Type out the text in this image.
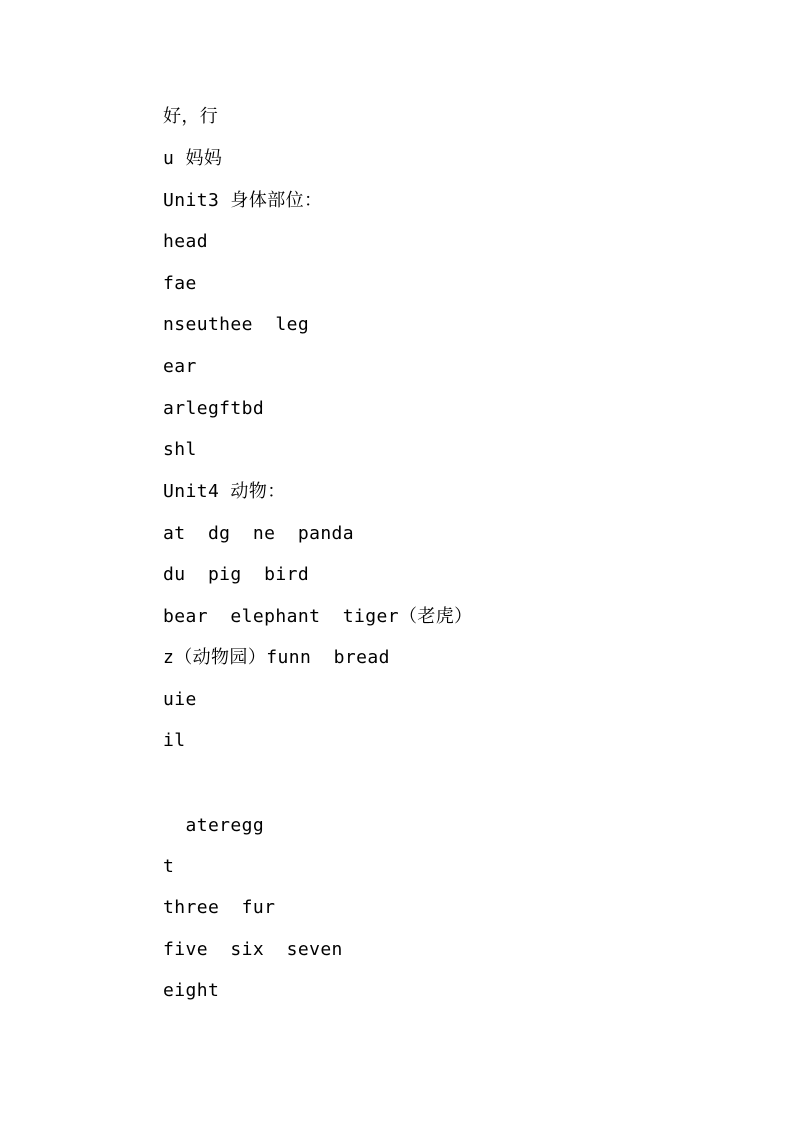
好，行
u 妈妈
Unit3 身体部位：
head
fae
nseuthee  leg
ear
arlegftbd
shl
Unit4 动物：
at  dg  ne  panda
du  pig  bird
bear  elephant  tiger（老虎）
z（动物园）funn  bread
uie
il
ateregg
t
three  fur
five  six  seven
eight
